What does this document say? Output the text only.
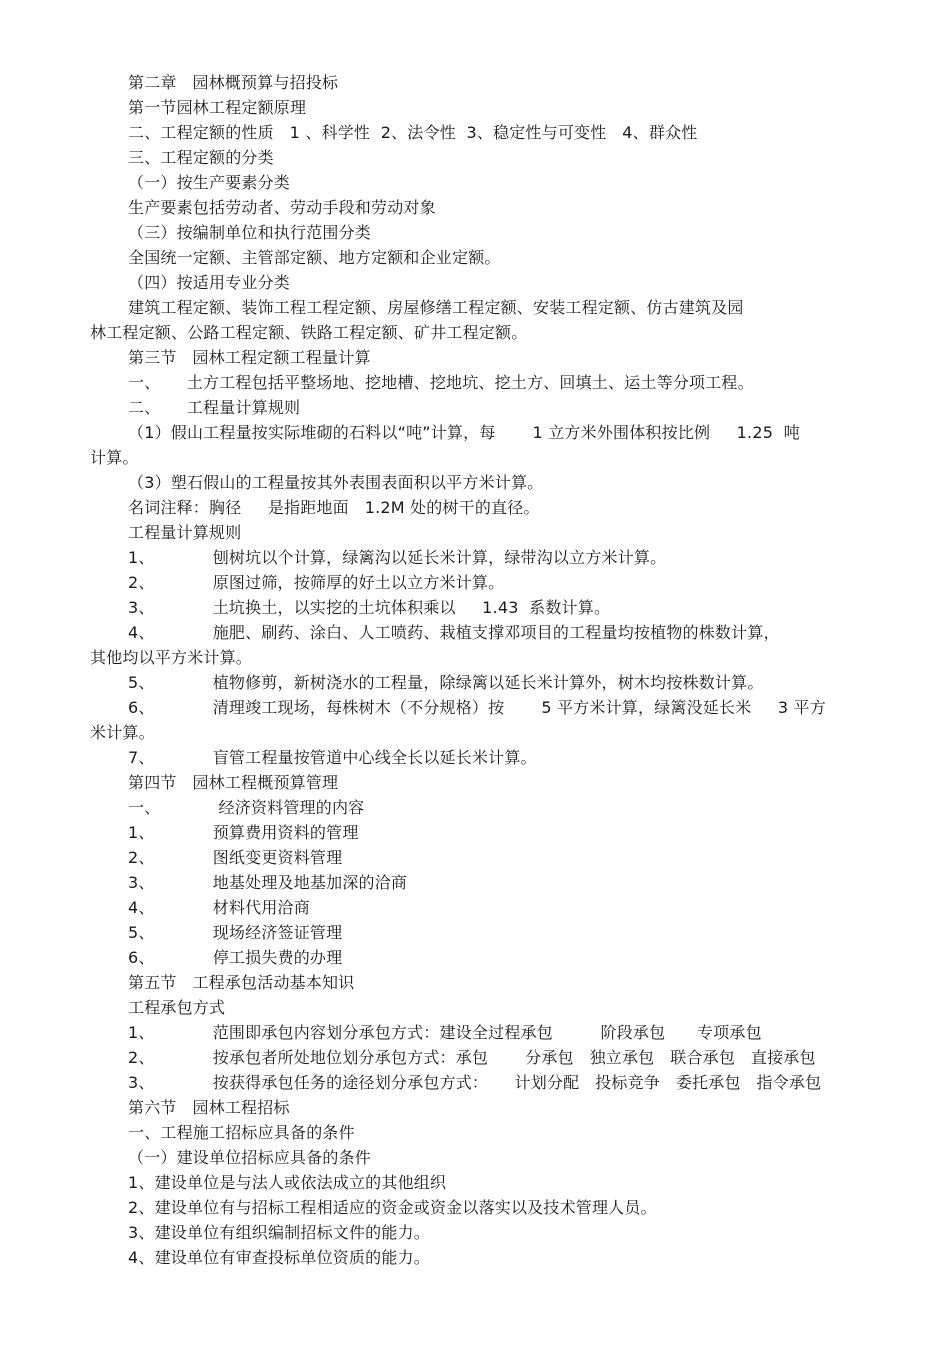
第二章   园林概预算与招投标
第一节园林工程定额原理
二、工程定额的性质   1 、科学性  2、法令性  3、稳定性与可变性   4、群众性
三、工程定额的分类
（一）按生产要素分类
生产要素包括劳动者、劳动手段和劳动对象
（三）按编制单位和执行范围分类
全国统一定额、主管部定额、地方定额和企业定额。
（四）按适用专业分类
建筑工程定额、装饰工程工程定额、房屋修缮工程定额、安装工程定额、仿古建筑及园
林工程定额、公路工程定额、铁路工程定额、矿井工程定额。
第三节   园林工程定额工程量计算
一、     土方工程包括平整场地、挖地槽、挖地坑、挖土方、回填土、运土等分项工程。
二、     工程量计算规则
（1）假山工程量按实际堆砌的石料以“吨”计算，每       1 立方米外围体积按比例     1.25  吨
计算。
（3）塑石假山的工程量按其外表围表面积以平方米计算。
名词注释：胸径     是指距地面   1.2M 处的树干的直径。
工程量计算规则
1、           刨树坑以个计算，绿篱沟以延长米计算，绿带沟以立方米计算。
2、           原图过筛，按筛厚的好土以立方米计算。
3、           土坑换土，以实挖的土坑体积乘以     1.43  系数计算。
4、           施肥、刷药、涂白、人工喷药、栽植支撑邓项目的工程量均按植物的株数计算，
其他均以平方米计算。
5、           植物修剪，新树浇水的工程量，除绿篱以延长米计算外，树木均按株数计算。
6、           清理竣工现场，每株树木（不分规格）按       5 平方米计算，绿篱没延长米     3 平方
米计算。
7、           盲管工程量按管道中心线全长以延长米计算。
第四节   园林工程概预算管理
一、           经济资料管理的内容
1、           预算费用资料的管理
2、           图纸变更资料管理
3、           地基处理及地基加深的洽商
4、           材料代用洽商
5、           现场经济签证管理
6、           停工损失费的办理
第五节   工程承包活动基本知识
工程承包方式
1、           范围即承包内容划分承包方式：建设全过程承包         阶段承包      专项承包
2、           按承包者所处地位划分承包方式：承包       分承包   独立承包   联合承包   直接承包
3、           按获得承包任务的途径划分承包方式：     计划分配   投标竞争   委托承包   指令承包
第六节   园林工程招标
一、工程施工招标应具备的条件
（一）建设单位招标应具备的条件
1、建设单位是与法人或依法成立的其他组织
2、建设单位有与招标工程相适应的资金或资金以落实以及技术管理人员。
3、建设单位有组织编制招标文件的能力。
4、建设单位有审查投标单位资质的能力。
